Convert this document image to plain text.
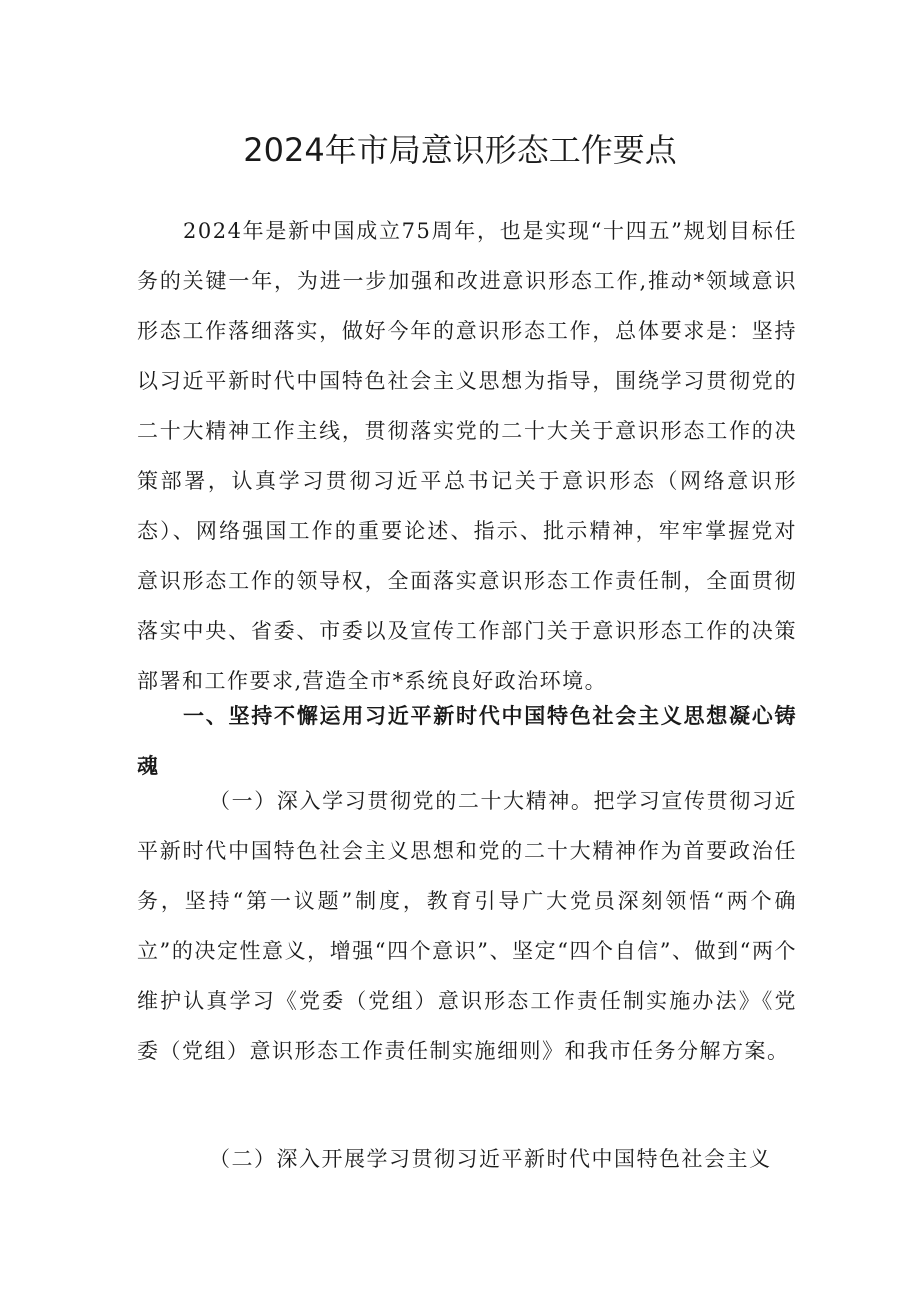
2024年市局意识形态工作要点

2024年是新中国成立75周年，也是实现“十四五”规划目标任务的关键一年，为进一步加强和改进意识形态工作,推动*领域意识形态工作落细落实，做好今年的意识形态工作，总体要求是：坚持以习近平新时代中国特色社会主义思想为指导，围绕学习贯彻党的二十大精神工作主线，贯彻落实党的二十大关于意识形态工作的决策部署，认真学习贯彻习近平总书记关于意识形态（网络意识形态）、网络强国工作的重要论述、指示、批示精神，牢牢掌握党对意识形态工作的领导权，全面落实意识形态工作责任制，全面贯彻落实中央、省委、市委以及宣传工作部门关于意识形态工作的决策部署和工作要求,营造全市*系统良好政治环境。

一、坚持不懈运用习近平新时代中国特色社会主义思想凝心铸魂

（一）深入学习贯彻党的二十大精神。把学习宣传贯彻习近平新时代中国特色社会主义思想和党的二十大精神作为首要政治任务，坚持“第一议题”制度，教育引导广大党员深刻领悟“两个确立”的决定性意义，增强“四个意识”、坚定“四个自信”、做到“两个维护认真学习《党委（党组）意识形态工作责任制实施办法》《党委（党组）意识形态工作责任制实施细则》和我市任务分解方案。

（二）深入开展学习贯彻习近平新时代中国特色社会主义
